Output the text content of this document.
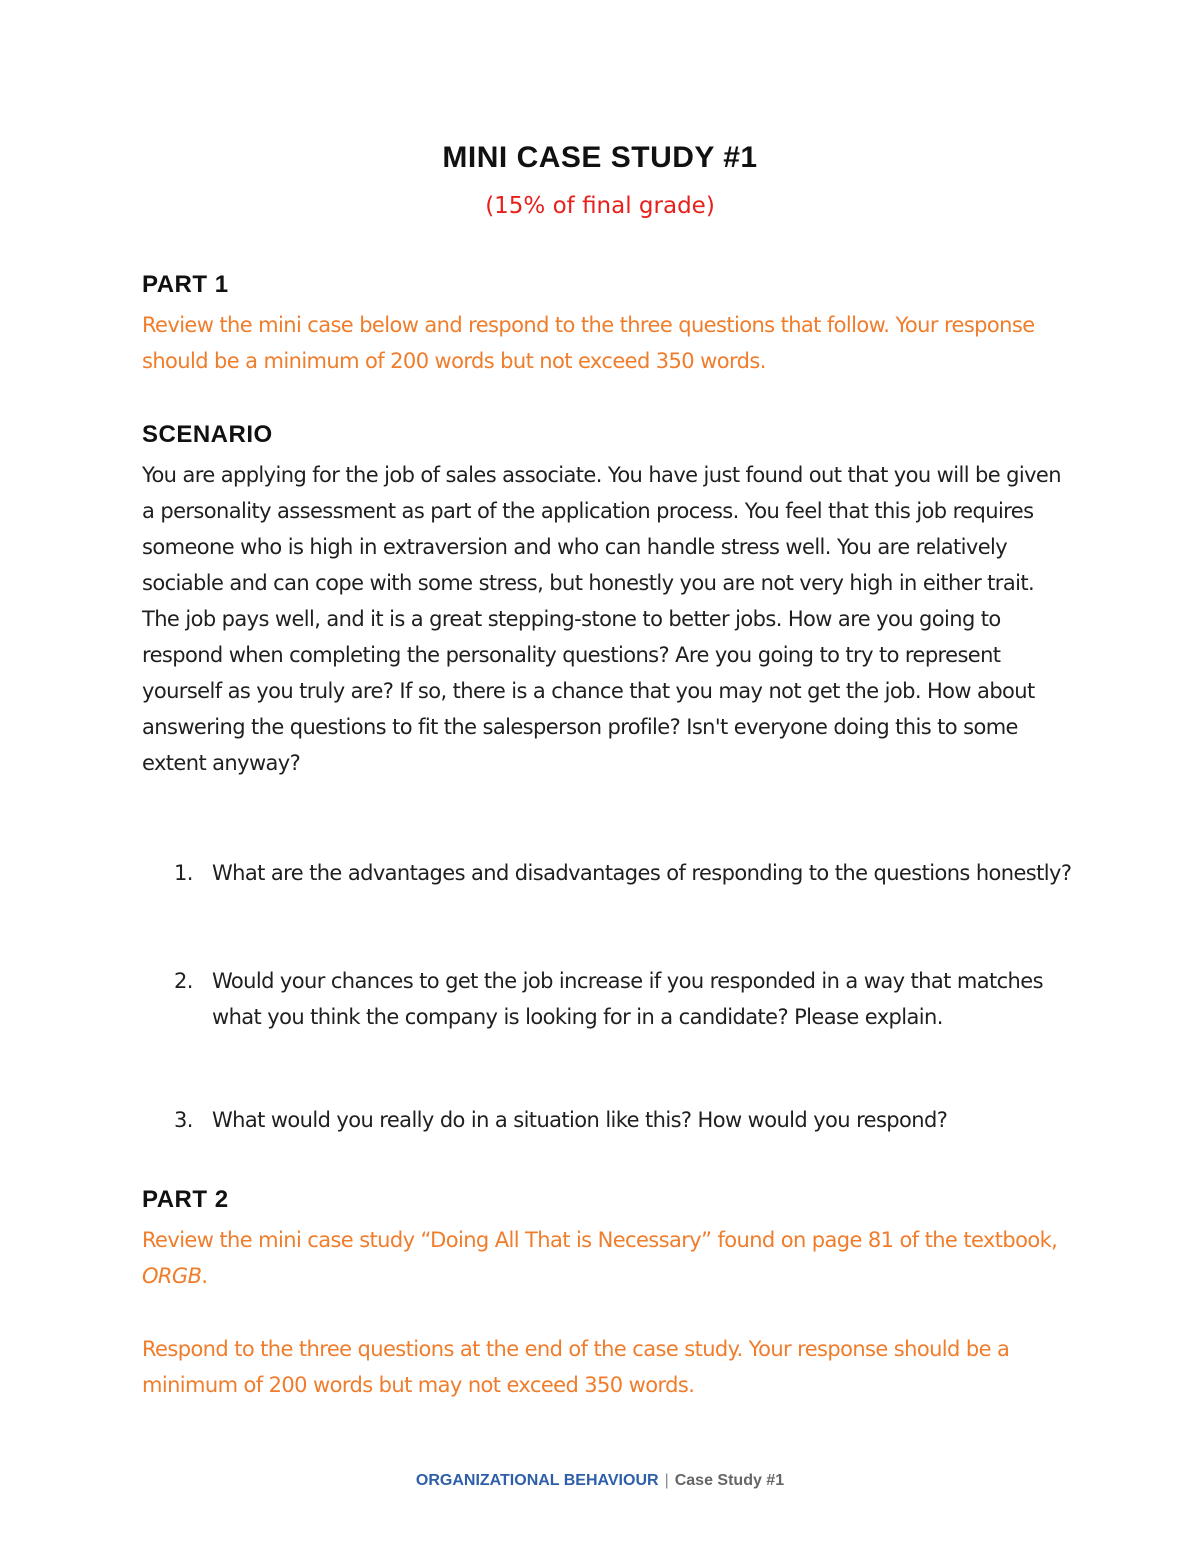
MINI CASE STUDY #1
(15% of final grade)
PART 1

Review the mini case below and respond to the three questions that follow. Your response should be a minimum of 200 words but not exceed 350 words.

SCENARIO

You are applying for the job of sales associate. You have just found out that you will be given a personality assessment as part of the application process. You feel that this job requires someone who is high in extraversion and who can handle stress well. You are relatively sociable and can cope with some stress, but honestly you are not very high in either trait. The job pays well, and it is a great stepping-stone to better jobs. How are you going to respond when completing the personality questions? Are you going to try to represent yourself as you truly are? If so, there is a chance that you may not get the job. How about answering the questions to fit the salesperson profile? Isn't everyone doing this to some extent anyway?

1. What are the advantages and disadvantages of responding to the questions honestly?
2. Would your chances to get the job increase if you responded in a way that matches what you think the company is looking for in a candidate? Please explain.
3. What would you really do in a situation like this? How would you respond?
PART 2

Review the mini case study “Doing All That is Necessary” found on page 81 of the textbook, ORGB.

Respond to the three questions at the end of the case study. Your response should be a minimum of 200 words but may not exceed 350 words.

ORGANIZATIONAL BEHAVIOUR | Case Study #1
